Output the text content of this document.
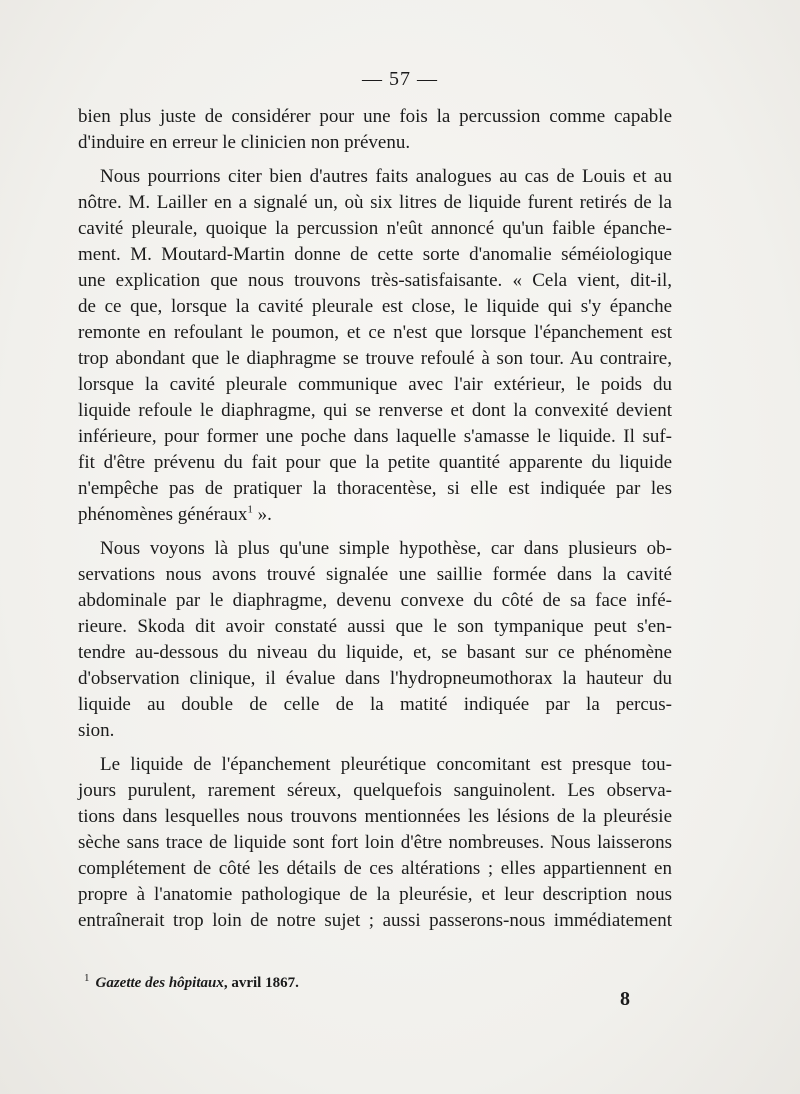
— 57 —
bien plus juste de considérer pour une fois la percussion comme capable
d'induire en erreur le clinicien non prévenu.
Nous pourrions citer bien d'autres faits analogues au cas de Louis et au
nôtre. M. Lailler en a signalé un, où six litres de liquide furent retirés de la
cavité pleurale, quoique la percussion n'eût annoncé qu'un faible épanche-
ment. M. Moutard-Martin donne de cette sorte d'anomalie séméiologique
une explication que nous trouvons très-satisfaisante. « Cela vient, dit-il,
de ce que, lorsque la cavité pleurale est close, le liquide qui s'y épanche
remonte en refoulant le poumon, et ce n'est que lorsque l'épanchement est
trop abondant que le diaphragme se trouve refoulé à son tour. Au contraire,
lorsque la cavité pleurale communique avec l'air extérieur, le poids du
liquide refoule le diaphragme, qui se renverse et dont la convexité devient
inférieure, pour former une poche dans laquelle s'amasse le liquide. Il suf-
fit d'être prévenu du fait pour que la petite quantité apparente du liquide
n'empêche pas de pratiquer la thoracentèse, si elle est indiquée par les
phénomènes généraux$^1$ ».
Nous voyons là plus qu'une simple hypothèse, car dans plusieurs ob-
servations nous avons trouvé signalée une saillie formée dans la cavité
abdominale par le diaphragme, devenu convexe du côté de sa face infé-
rieure. Skoda dit avoir constaté aussi que le son tympanique peut s'en-
tendre au-dessous du niveau du liquide, et, se basant sur ce phénomène
d'observation clinique, il évalue dans l'hydropneumothorax la hauteur du
liquide au double de celle de la matité indiquée par la percus-
sion.
Le liquide de l'épanchement pleurétique concomitant est presque tou-
jours purulent, rarement séreux, quelquefois sanguinolent. Les observa-
tions dans lesquelles nous trouvons mentionnées les lésions de la pleurésie
sèche sans trace de liquide sont fort loin d'être nombreuses. Nous laisserons
complétement de côté les détails de ces altérations ; elles appartiennent en
propre à l'anatomie pathologique de la pleurésie, et leur description nous
entraînerait trop loin de notre sujet ; aussi passerons-nous immédiatement
$^1$ Gazette des hôpitaux, avril 1867.
8
